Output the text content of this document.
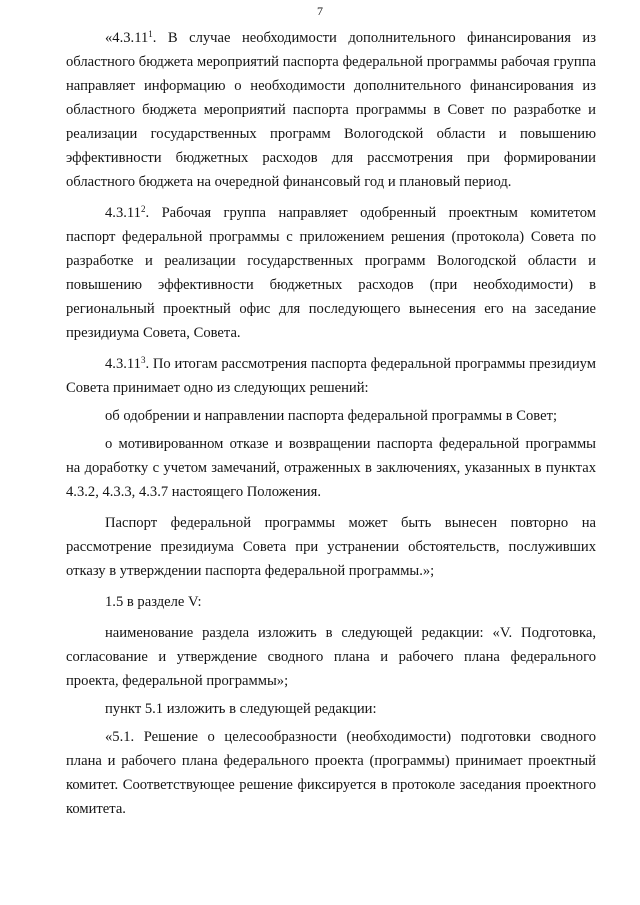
7

«4.3.11$^1$. В случае необходимости дополнительного финансирования из областного бюджета мероприятий паспорта федеральной программы рабочая группа направляет информацию о необходимости дополнительного финансирования из областного бюджета мероприятий паспорта программы в Совет по разработке и реализации государственных программ Вологодской области и повышению эффективности бюджетных расходов для рассмотрения при формировании областного бюджета на очередной финансовый год и плановый период.

4.3.11$^2$. Рабочая группа направляет одобренный проектным комитетом паспорт федеральной программы с приложением решения (протокола) Совета по разработке и реализации государственных программ Вологодской области и повышению эффективности бюджетных расходов (при необходимости) в региональный проектный офис для последующего вынесения его на заседание президиума Совета, Совета.

4.3.11$^3$. По итогам рассмотрения паспорта федеральной программы президиум Совета принимает одно из следующих решений:

об одобрении и направлении паспорта федеральной программы в Совет;

о мотивированном отказе и возвращении паспорта федеральной программы на доработку с учетом замечаний, отраженных в заключениях, указанных в пунктах 4.3.2, 4.3.3, 4.3.7 настоящего Положения.

Паспорт федеральной программы может быть вынесен повторно на рассмотрение президиума Совета при устранении обстоятельств, послуживших отказу в утверждении паспорта федеральной программы.»;

1.5 в разделе V:

наименование раздела изложить в следующей редакции: «V. Подготовка, согласование и утверждение сводного плана и рабочего плана федерального проекта, федеральной программы»;

пункт 5.1 изложить в следующей редакции:

«5.1. Решение о целесообразности (необходимости) подготовки сводного плана и рабочего плана федерального проекта (программы) принимает проектный комитет. Соответствующее решение фиксируется в протоколе заседания проектного комитета.
